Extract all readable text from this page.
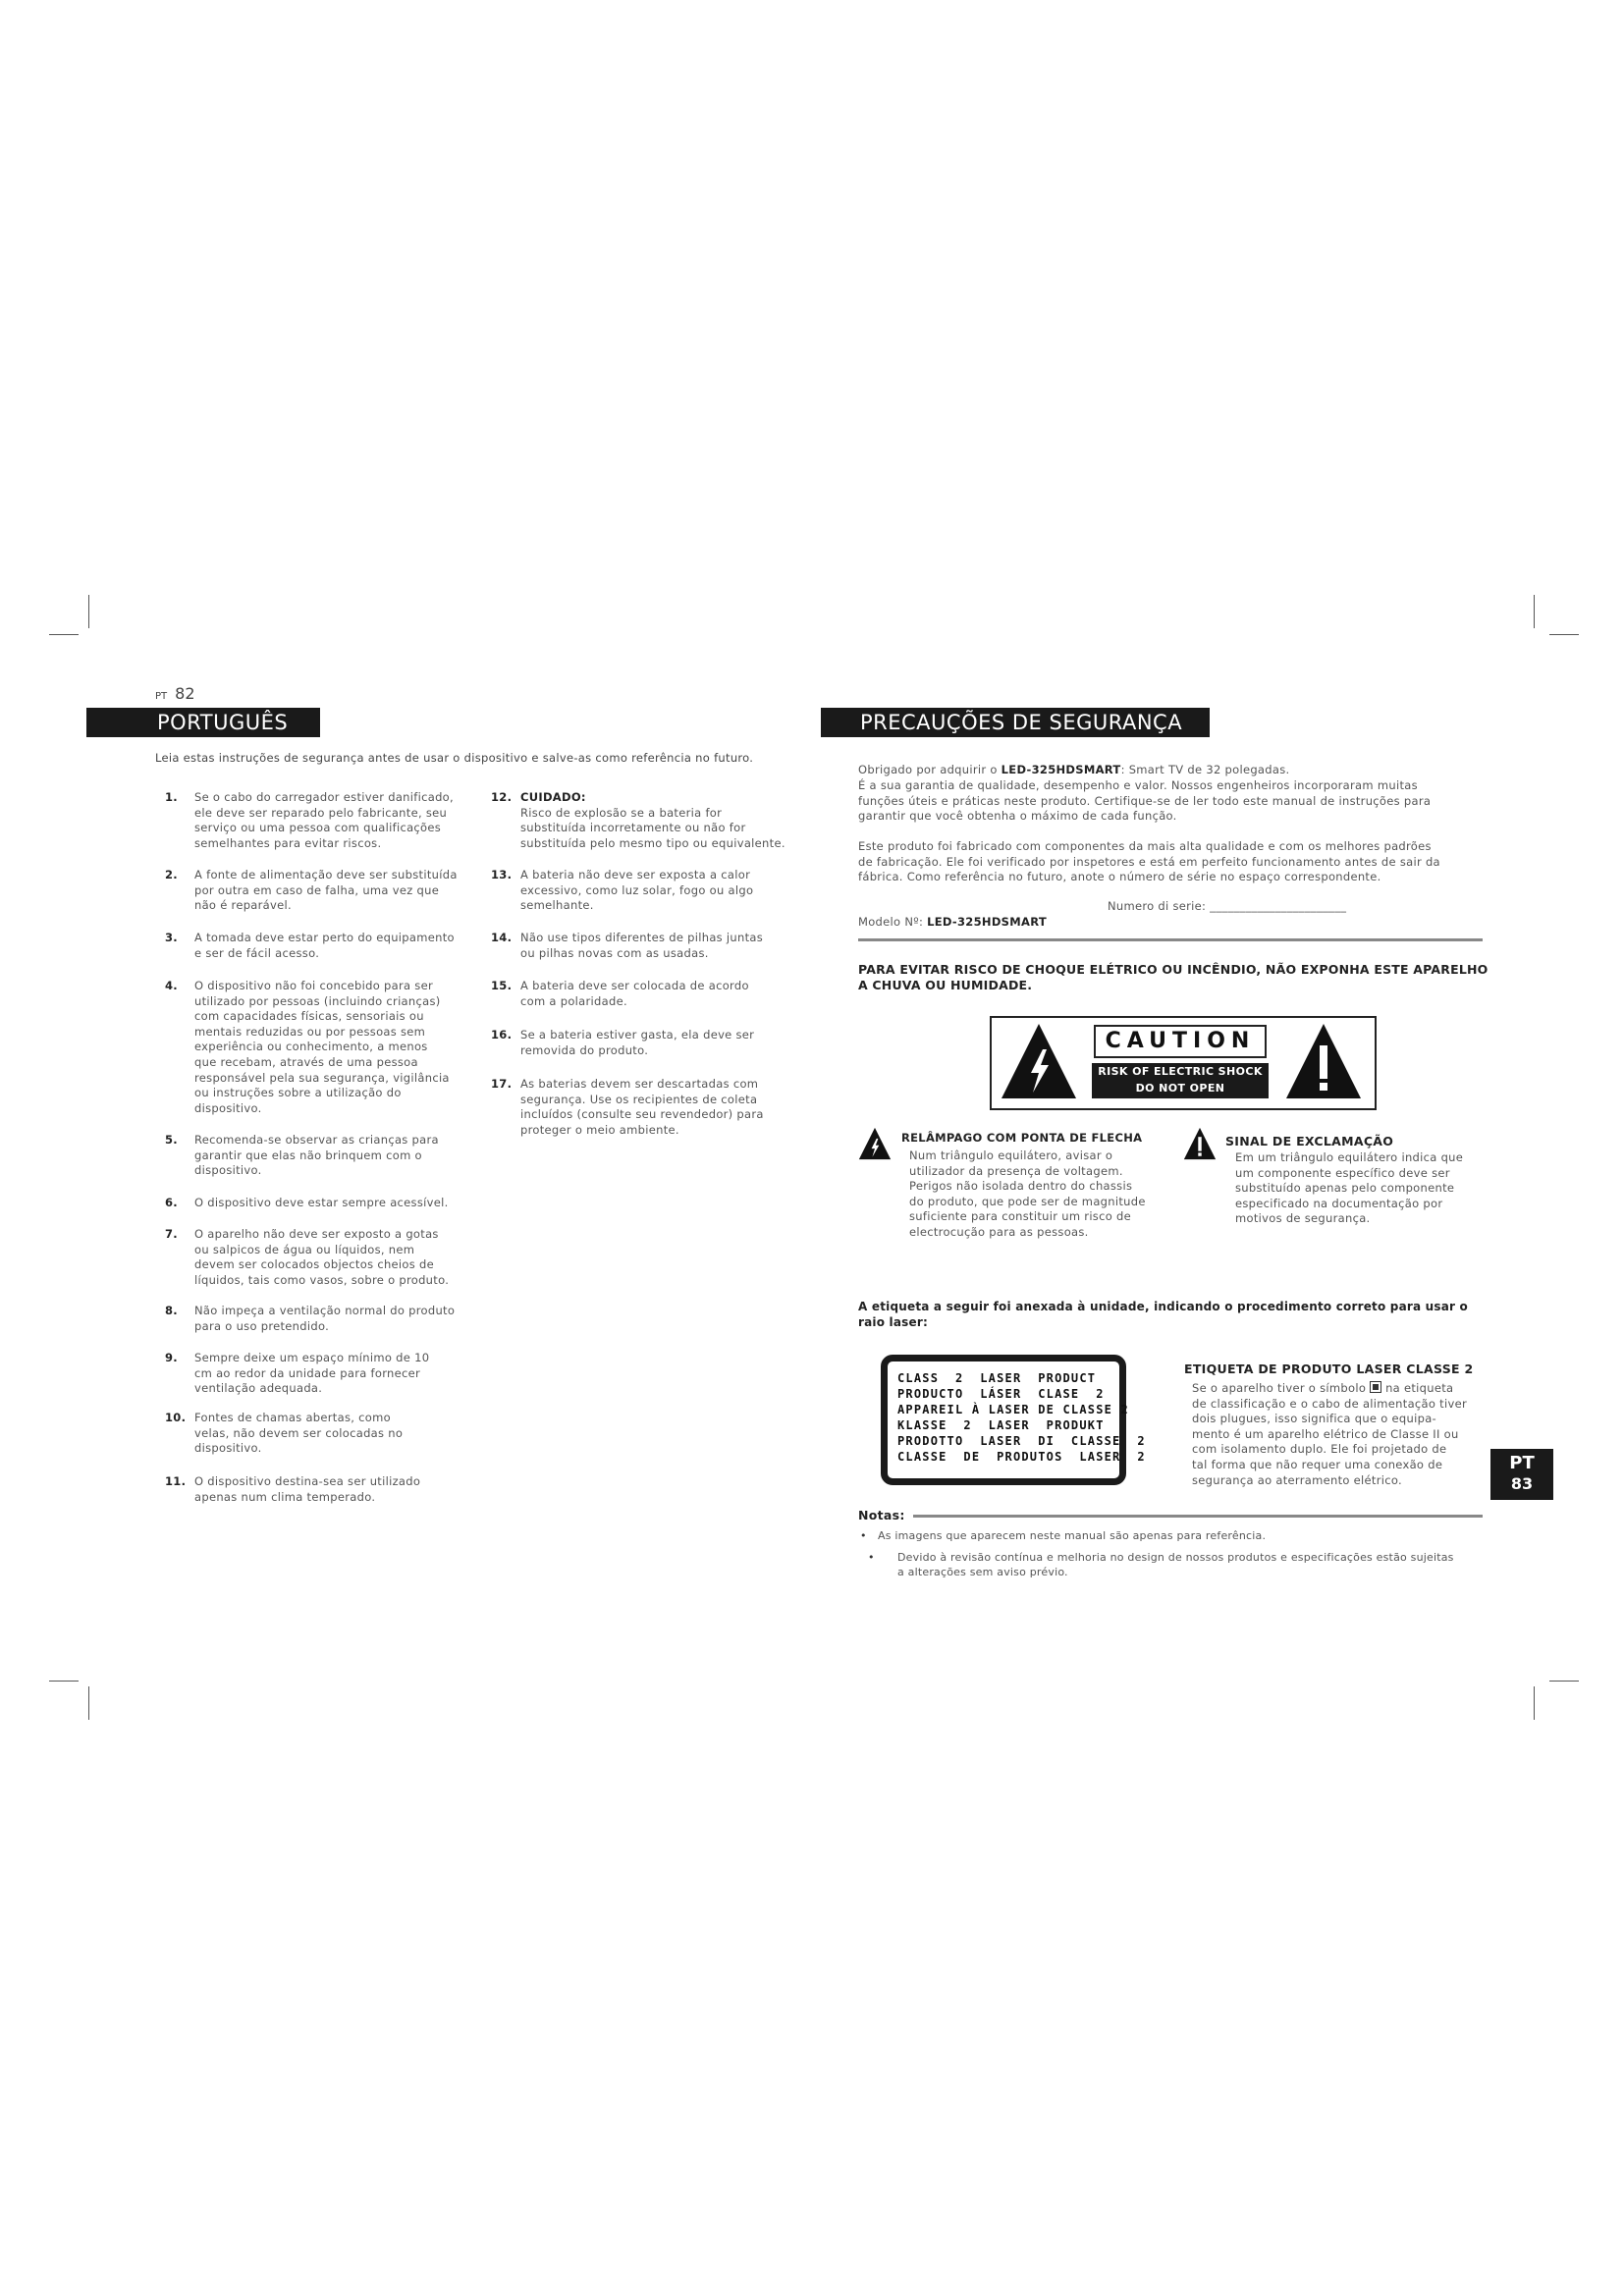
PT 82
PORTUGUÊS
Leia estas instruções de segurança antes de usar o dispositivo e salve-as como referência no futuro.
1. Se o cabo do carregador estiver danificado,
ele deve ser reparado pelo fabricante, seu
serviço ou uma pessoa com qualificações
semelhantes para evitar riscos.
2. A fonte de alimentação deve ser substituída
por outra em caso de falha, uma vez que
não é reparável.
3. A tomada deve estar perto do equipamento
e ser de fácil acesso.
4. O dispositivo não foi concebido para ser
utilizado por pessoas (incluindo crianças)
com capacidades físicas, sensoriais ou
mentais reduzidas ou por pessoas sem
experiência ou conhecimento, a menos
que recebam, através de uma pessoa
responsável pela sua segurança, vigilância
ou instruções sobre a utilização do
dispositivo.
5. Recomenda-se observar as crianças para
garantir que elas não brinquem com o
dispositivo.
6. O dispositivo deve estar sempre acessível.
7. O aparelho não deve ser exposto a gotas
ou salpicos de água ou líquidos, nem
devem ser colocados objectos cheios de
líquidos, tais como vasos, sobre o produto.
8. Não impeça a ventilação normal do produto
para o uso pretendido.
9. Sempre deixe um espaço mínimo de 10
cm ao redor da unidade para fornecer
ventilação adequada.
10. Fontes de chamas abertas, como
velas, não devem ser colocadas no
dispositivo.
11. O dispositivo destina-sea ser utilizado
apenas num clima temperado.
12. CUIDADO:
Risco de explosão se a bateria for
substituída incorretamente ou não for
substituída pelo mesmo tipo ou equivalente.
13. A bateria não deve ser exposta a calor
excessivo, como luz solar, fogo ou algo
semelhante.
14. Não use tipos diferentes de pilhas juntas
ou pilhas novas com as usadas.
15. A bateria deve ser colocada de acordo
com a polaridade.
16. Se a bateria estiver gasta, ela deve ser
removida do produto.
17. As baterias devem ser descartadas com
segurança. Use os recipientes de coleta
incluídos (consulte seu revendedor) para
proteger o meio ambiente.
PRECAUÇÕES DE SEGURANÇA

Obrigado por adquirir o LED-325HDSMART: Smart TV de 32 polegadas.

É a sua garantia de qualidade, desempenho e valor. Nossos engenheiros incorporaram muitas
funções úteis e práticas neste produto. Certifique-se de ler todo este manual de instruções para
garantir que você obtenha o máximo de cada função.
Este produto foi fabricado com componentes da mais alta qualidade e com os melhores padrões
de fabricação. Ele foi verificado por inspetores e está em perfeito funcionamento antes de sair da
fábrica. Como referência no futuro, anote o número de série no espaço correspondente.

Modelo Nº: LED-325HDSMART

Numero di serie: _______________________
PARA EVITAR RISCO DE CHOQUE ELÉTRICO OU INCÊNDIO, NÃO EXPONHA ESTE APARELHO
A CHUVA OU HUMIDADE.
CAUTION
RISK OF ELECTRIC SHOCK
DO NOT OPEN
RELÂMPAGO COM PONTA DE FLECHA
Num triângulo equilátero, avisar o
utilizador da presença de voltagem.
Perigos não isolada dentro do chassis
do produto, que pode ser de magnitude
suficiente para constituir um risco de
electrocução para as pessoas.
SINAL DE EXCLAMAÇÃO
Em um triângulo equilátero indica que
um componente específico deve ser
substituído apenas pelo componente
especificado na documentação por
motivos de segurança.
A etiqueta a seguir foi anexada à unidade, indicando o procedimento correto para usar o
raio laser:
CLASS  2  LASER  PRODUCT
PRODUCTO  LÁSER  CLASE  2
APPAREIL À LASER DE CLASSE 2
KLASSE  2  LASER  PRODUKT
PRODOTTO  LASER  DI  CLASSE  2
CLASSE  DE  PRODUTOS  LASER  2
ETIQUETA DE PRODUTO LASER CLASSE 2
Se o aparelho tiver o símbolo
na etiqueta
de classificação e o cabo de alimentação tiver
dois plugues, isso significa que o equipa-
mento é um aparelho elétrico de Classe II ou
com isolamento duplo. Ele foi projetado de
tal forma que não requer uma conexão de
segurança ao aterramento elétrico.
PT
83
Notas:
•	As imagens que aparecem neste manual são apenas para referência.
•	Devido à revisão contínua e melhoria no design de nossos produtos e especificações estão sujeitas
a alterações sem aviso prévio.
